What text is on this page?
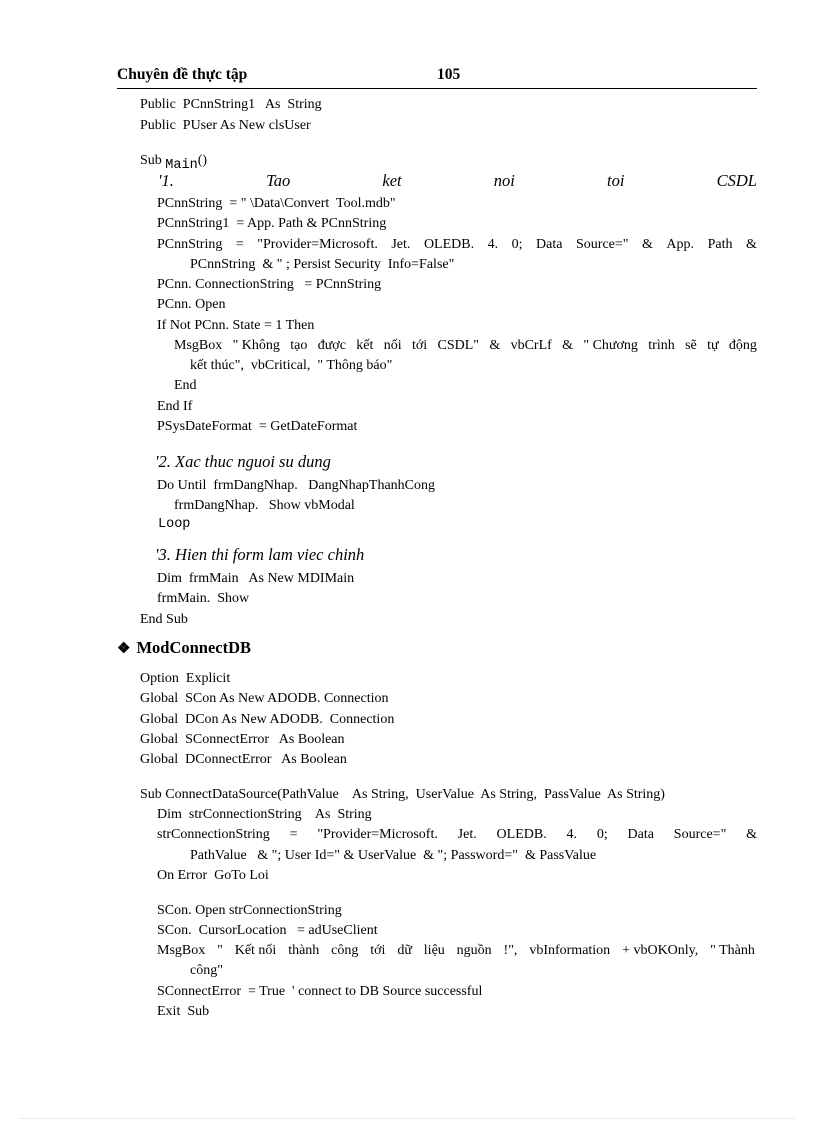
Chuyên đề thực tập	105
Public  PCnnString1   As  String
Public  PUser As New clsUser
Sub Main()
'1.	Tao	ket	noi	toi	CSDL
PCnnString  = " \Data\Convert  Tool.mdb"
PCnnString1  = App. Path & PCnnString
PCnnString = "Provider=Microsoft. Jet. OLEDB. 4. 0; Data Source=" & App. Path &
PCnnString  & " ; Persist Security  Info=False"
PCnn. ConnectionString   = PCnnString
PCnn. Open
If Not PCnn. State = 1 Then
MsgBox " Không tạo được kết nối tới CSDL" & vbCrLf & " Chương trình sẽ tự động
kết thúc",  vbCritical,  " Thông báo"
End
End If
PSysDateFormat  = GetDateFormat
'2. Xac thuc nguoi su dung
Do Until  frmDangNhap.   DangNhapThanhCong
frmDangNhap.   Show vbModal
Loop
'3. Hien thi form lam viec chinh
Dim  frmMain   As New MDIMain
frmMain.  Show
End Sub
❖ ModConnectDB
Option  Explicit
Global  SCon As New ADODB. Connection
Global  DCon As New ADODB.  Connection
Global  SConnectError   As Boolean
Global  DConnectError   As Boolean
Sub ConnectDataSource(PathValue    As String,  UserValue  As String,  PassValue  As String)
Dim  strConnectionString    As  String
strConnectionString = "Provider=Microsoft. Jet. OLEDB. 4. 0; Data Source=" &
PathValue   & "; User Id=" & UserValue  & "; Password="  & PassValue
On Error  GoTo Loi
SCon. Open strConnectionString
SCon.  CursorLocation   = adUseClient
MsgBox " Kết nối thành công tới dữ liệu nguồn !", vbInformation + vbOKOnly, " Thành
công"
SConnectError  = True  ' connect to DB Source successful
Exit  Sub
